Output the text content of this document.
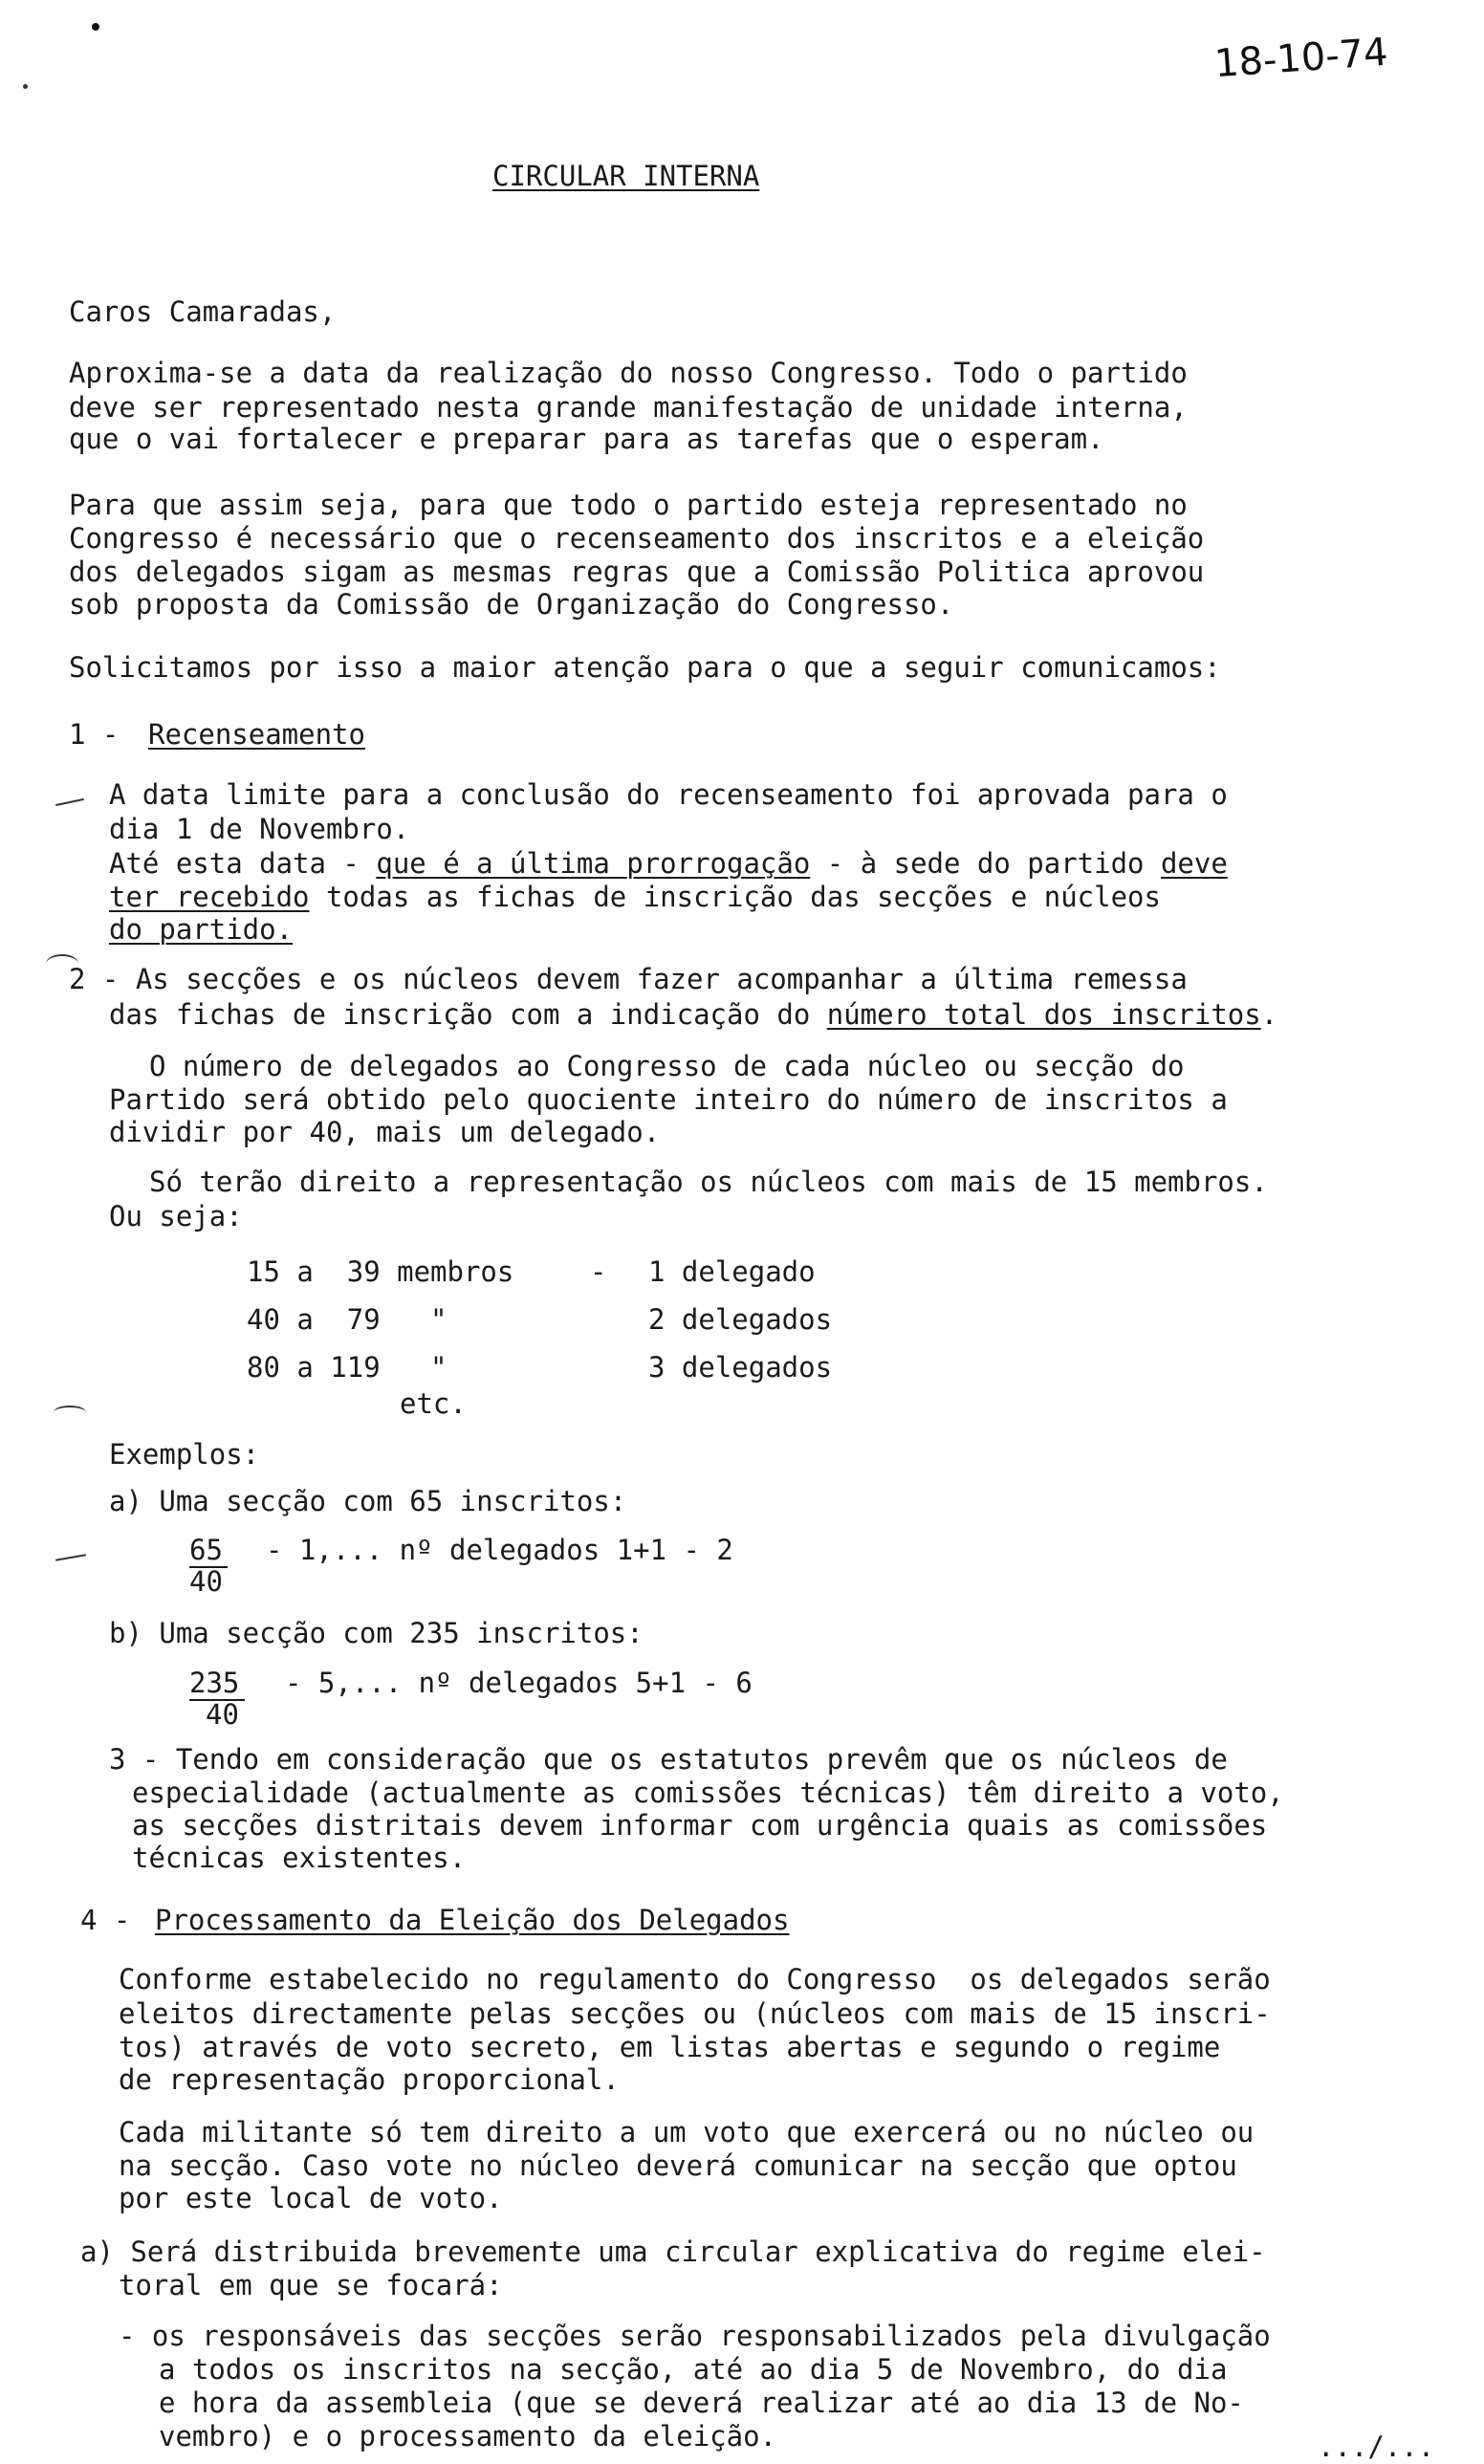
18-10-74
CIRCULAR INTERNA
Caros Camaradas,
Aproxima-se a data da realização do nosso Congresso. Todo o partido
deve ser representado nesta grande manifestação de unidade interna,
que o vai fortalecer e preparar para as tarefas que o esperam.
Para que assim seja, para que todo o partido esteja representado no
Congresso é necessário que o recenseamento dos inscritos e a eleição
dos delegados sigam as mesmas regras que a Comissão Politica aprovou
sob proposta da Comissão de Organização do Congresso.
Solicitamos por isso a maior atenção para o que a seguir comunicamos:
1 - Recenseamento
A data limite para a conclusão do recenseamento foi aprovada para o
dia 1 de Novembro.
Até esta data - que é a última prorrogação - à sede do partido deve
ter recebido todas as fichas de inscrição das secções e núcleos
do partido.
2 - As secções e os núcleos devem fazer acompanhar a última remessa
das fichas de inscrição com a indicação do número total dos inscritos.
O número de delegados ao Congresso de cada núcleo ou secção do
Partido será obtido pelo quociente inteiro do número de inscritos a
dividir por 40, mais um delegado.
Só terão direito a representação os núcleos com mais de 15 membros.
Ou seja:
15 a  39 membros	- 1 delegado
40 a  79   "	2 delegados
80 a 119   "	3 delegados
etc.
Exemplos:
a) Uma secção com 65 inscritos:
65
40
- 1,... nº delegados 1+1 - 2
b) Uma secção com 235 inscritos:
235
40
- 5,... nº delegados 5+1 - 6
3 - Tendo em consideração que os estatutos prevêm que os núcleos de
especialidade (actualmente as comissões técnicas) têm direito a voto,
as secções distritais devem informar com urgência quais as comissões
técnicas existentes.
4 - Processamento da Eleição dos Delegados
Conforme estabelecido no regulamento do Congresso  os delegados serão
eleitos directamente pelas secções ou (núcleos com mais de 15 inscri-
tos) através de voto secreto, em listas abertas e segundo o regime
de representação proporcional.
Cada militante só tem direito a um voto que exercerá ou no núcleo ou
na secção. Caso vote no núcleo deverá comunicar na secção que optou
por este local de voto.
a) Será distribuida brevemente uma circular explicativa do regime elei-
toral em que se focará:
- os responsáveis das secções serão responsabilizados pela divulgação
a todos os inscritos na secção, até ao dia 5 de Novembro, do dia
e hora da assembleia (que se deverá realizar até ao dia 13 de No-
vembro) e o processamento da eleição.	.../...
